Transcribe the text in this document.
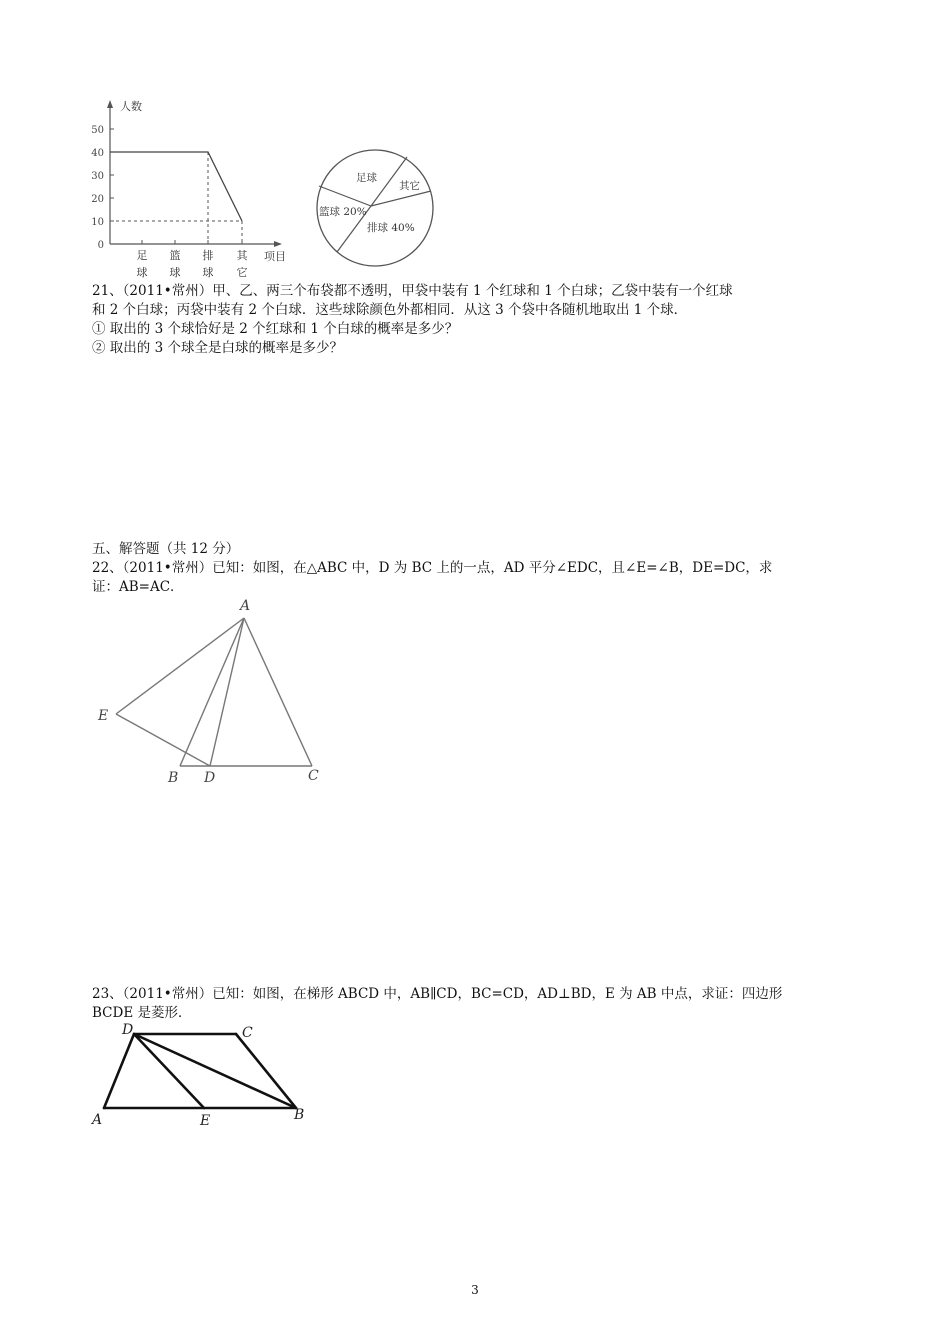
人数
0
10
20
30
40
50
足
球
篮
球
排
球
其
它
项目
足球
其它
篮球 20%
排球 40%
21、（2011•常州）甲、乙、两三个布袋都不透明，甲袋中装有 1 个红球和 1 个白球；乙袋中装有一个红球
和 2 个白球；丙袋中装有 2 个白球．这些球除颜色外都相同．从这 3 个袋中各随机地取出 1 个球．
① 取出的 3 个球恰好是 2 个红球和 1 个白球的概率是多少？
② 取出的 3 个球全是白球的概率是多少？
五、解答题（共 12 分）
22、（2011•常州）已知：如图，在△ABC 中，D 为 BC 上的一点，AD 平分∠EDC，且∠E=∠B，DE=DC，求
证：AB=AC．
A
E
B D	C
23、（2011•常州）已知：如图，在梯形 ABCD 中，AB∥CD，BC=CD，AD⊥BD，E 为 AB 中点，求证：四边形
BCDE 是菱形．
D	C
A	E	B
3
